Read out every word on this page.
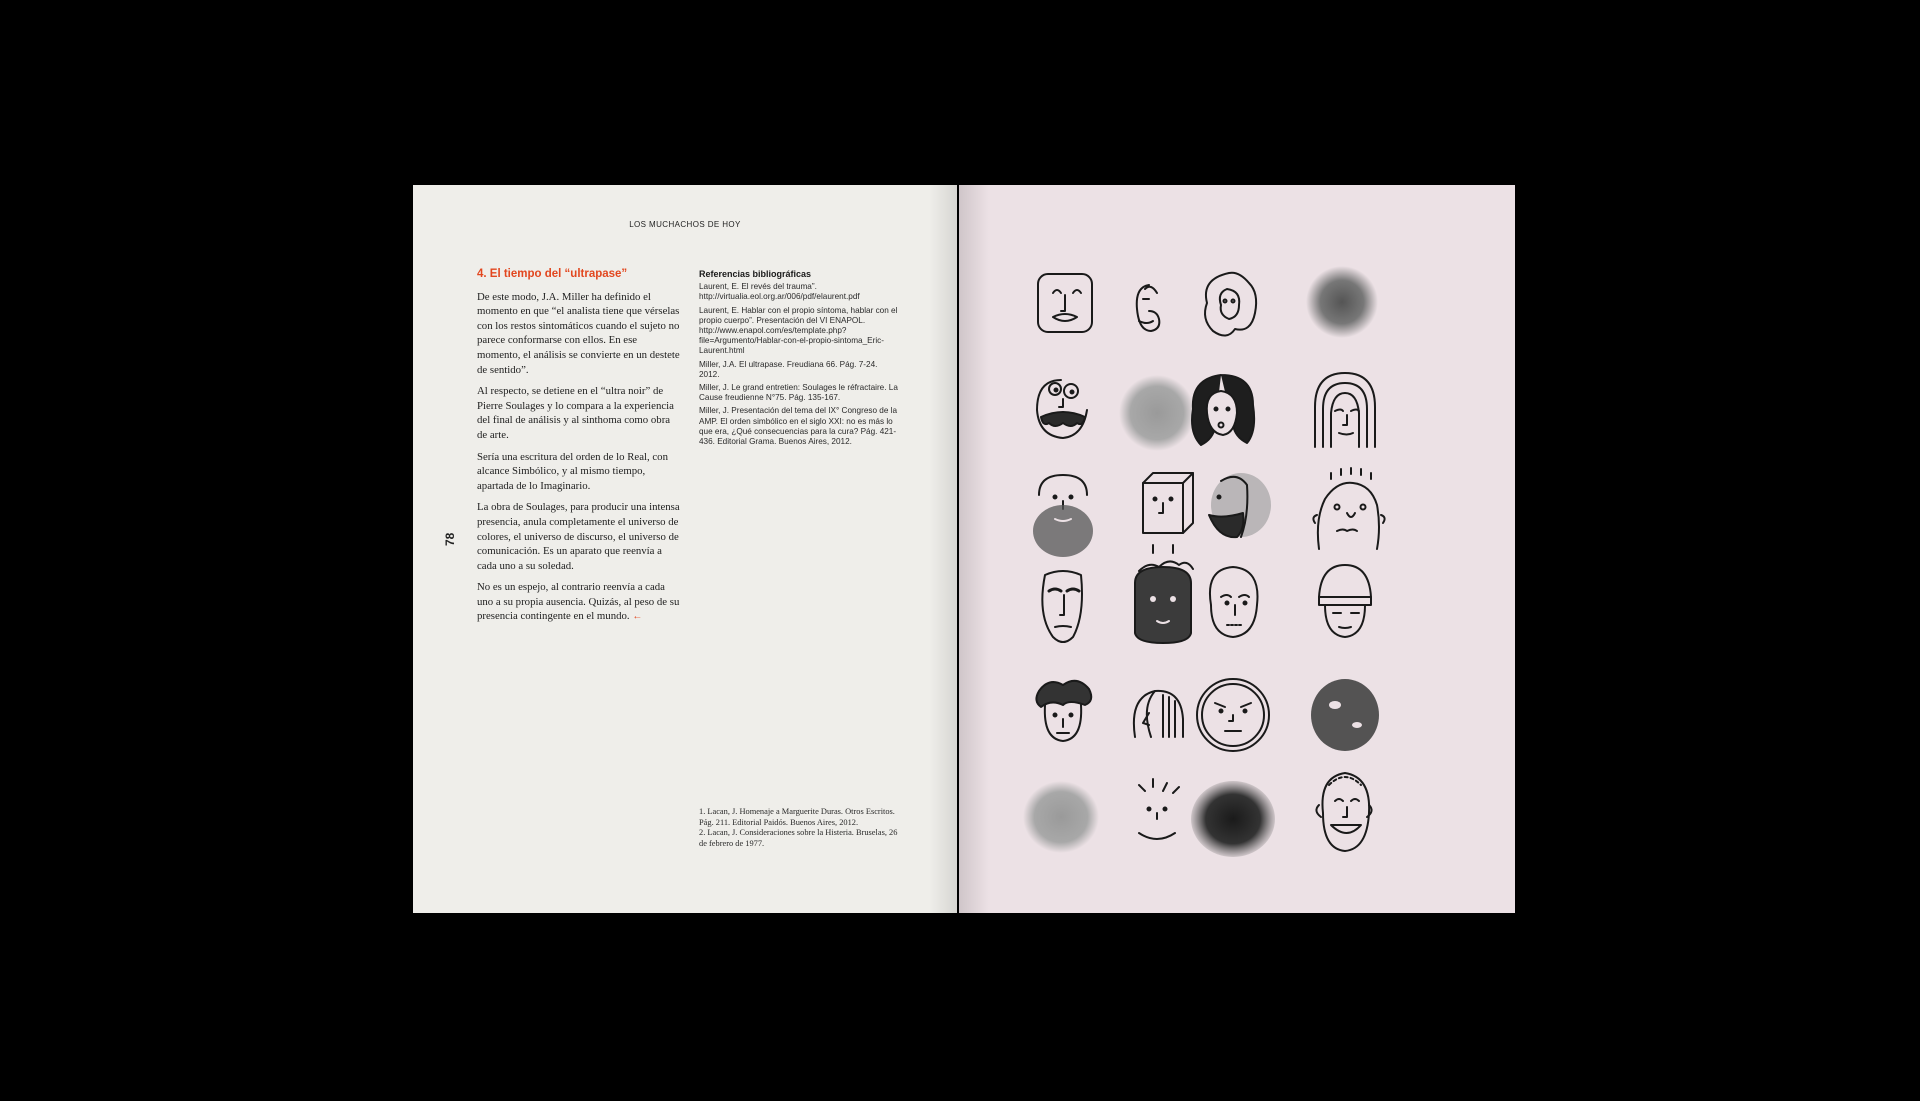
LOS MUCHACHOS DE HOY
78
4. El tiempo del “ultrapase”

De este modo, J.A. Miller ha definido el momento en que “el analista tiene que vérselas con los restos sintomáticos cuando el sujeto no parece conformarse con ellos. En ese momento, el análisis se convierte en un destete de sentido”.

Al respecto, se detiene en el “ultra noir” de Pierre Soulages y lo compara a la experiencia del final de análisis y al sinthoma como obra de arte.

Sería una escritura del orden de lo Real, con alcance Simbólico, y al mismo tiempo, apartada de lo Imaginario.

La obra de Soulages, para producir una intensa presencia, anula completamente el universo de colores, el universo de discurso, el universo de comunicación. Es un aparato que reenvía a cada uno a su soledad.

No es un espejo, al contrario reenvía a cada uno a su propia ausencia. Quizás, al peso de su presencia contingente en el mundo. ←

Referencias bibliográficas
Laurent, E. El revés del trauma”. http://virtualia.eol.org.ar/006/pdf/elaurent.pdf
Laurent, E. Hablar con el propio síntoma, hablar con el propio cuerpo”. Presentación del VI ENAPOL. http://www.enapol.com/es/template.php?file=Argumento/Hablar-con-el-propio-sintoma_Eric-Laurent.html
Miller, J.A. El ultrapase. Freudiana 66. Pág. 7-24. 2012.
Miller, J. Le grand entretien: Soulages le réfractaire. La Cause freudienne N°75. Pág. 135-167.
Miller, J. Presentación del tema del IX° Congreso de la AMP. El orden simbólico en el siglo XXI: no es más lo que era, ¿Qué consecuencias para la cura? Pág. 421-436. Editorial Grama. Buenos Aires, 2012.

1. Lacan, J. Homenaje a Marguerite Duras. Otros Escritos. Pág. 211. Editorial Paidós. Buenos Aires, 2012.

2. Lacan, J. Consideraciones sobre la Histeria. Bruselas, 26 de febrero de 1977.
